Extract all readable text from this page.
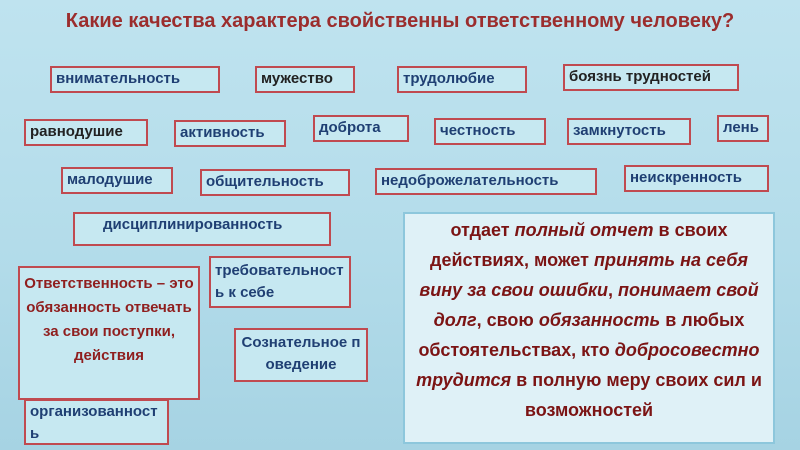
Какие качества характера свойственны ответственному человеку?
внимательность	мужество	трудолюбие	боязнь трудностей
равнодушие	активность	доброта	честность	замкнутость	лень
малодушие	общительность	недоброжелательность	неискренность
дисциплинированность
требовательность к себе
Сознательное поведение
организованность
Ответственность – это обязанность отвечать за свои поступки, действия
отдает полный отчет в своих действиях, может принять на себя вину за свои ошибки, понимает свой долг, свою обязанность в любых обстоятельствах, кто добросовестно трудится в полную меру своих сил и возможностей
